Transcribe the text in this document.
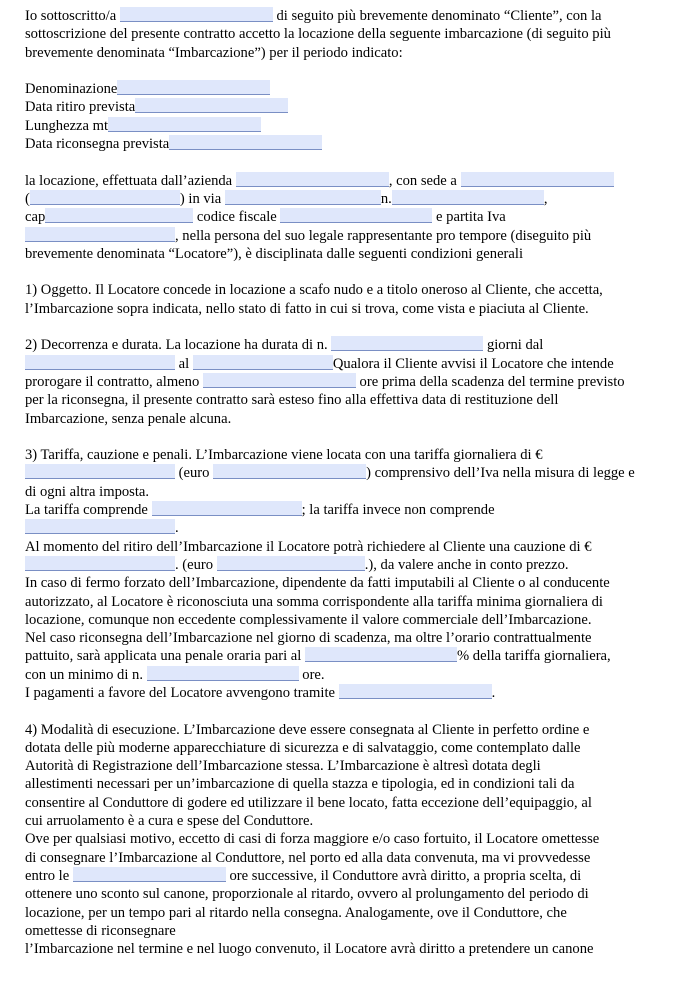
Io sottoscritto/a	di seguito più brevemente denominato “Cliente”, con la
sottoscrizione del presente contratto accetto la locazione della seguente imbarcazione (di seguito più
brevemente denominata “Imbarcazione”) per il periodo indicato:
Denominazione
Data ritiro prevista
Lunghezza mt
Data riconsegna prevista
la locazione, effettuata dall’azienda	, con sede a
(	) in via	n.	,
cap	codice fiscale	e partita Iva
, nella persona del suo legale rappresentante pro tempore (diseguito più
brevemente denominata “Locatore”), è disciplinata dalle seguenti condizioni generali
1) Oggetto. Il Locatore concede in locazione a scafo nudo e a titolo oneroso al Cliente, che accetta,
l’Imbarcazione sopra indicata, nello stato di fatto in cui si trova, come vista e piaciuta al Cliente.
2) Decorrenza e durata. La locazione ha durata di n.	giorni dal
al	Qualora il Cliente avvisi il Locatore che intende
prorogare il contratto, almeno	ore prima della scadenza del termine previsto
per la riconsegna, il presente contratto sarà esteso fino alla effettiva data di restituzione dell
Imbarcazione, senza penale alcuna.
3) Tariffa, cauzione e penali. L’Imbarcazione viene locata con una tariffa giornaliera di €
(euro	) comprensivo dell’Iva nella misura di legge e
di ogni altra imposta.
La tariffa comprende	; la tariffa invece non comprende
.
Al momento del ritiro dell’Imbarcazione il Locatore potrà richiedere al Cliente una cauzione di €
. (euro	.), da valere anche in conto prezzo.
In caso di fermo forzato dell’Imbarcazione, dipendente da fatti imputabili al Cliente o al conducente
autorizzato, al Locatore è riconosciuta una somma corrispondente alla tariffa minima giornaliera di
locazione, comunque non eccedente complessivamente il valore commerciale dell’Imbarcazione.
Nel caso riconsegna dell’Imbarcazione nel giorno di scadenza, ma oltre l’orario contrattualmente
pattuito, sarà applicata una penale oraria pari al	% della tariffa giornaliera,
con un minimo di n.	ore.
I pagamenti a favore del Locatore avvengono tramite	.
4) Modalità di esecuzione. L’Imbarcazione deve essere consegnata al Cliente in perfetto ordine e
dotata delle più moderne apparecchiature di sicurezza e di salvataggio, come contemplato dalle
Autorità di Registrazione dell’Imbarcazione stessa. L’Imbarcazione è altresì dotata degli
allestimenti necessari per un’imbarcazione di quella stazza e tipologia, ed in condizioni tali da
consentire al Conduttore di godere ed utilizzare il bene locato, fatta eccezione dell’equipaggio, al
cui arruolamento è a cura e spese del Conduttore.
Ove per qualsiasi motivo, eccetto di casi di forza maggiore e/o caso fortuito, il Locatore omettesse
di consegnare l’Imbarcazione al Conduttore, nel porto ed alla data convenuta, ma vi provvedesse
entro le	ore successive, il Conduttore avrà diritto, a propria scelta, di
ottenere uno sconto sul canone, proporzionale al ritardo, ovvero al prolungamento del periodo di
locazione, per un tempo pari al ritardo nella consegna. Analogamente, ove il Conduttore, che
omettesse di riconsegnare
l’Imbarcazione nel termine e nel luogo convenuto, il Locatore avrà diritto a pretendere un canone
